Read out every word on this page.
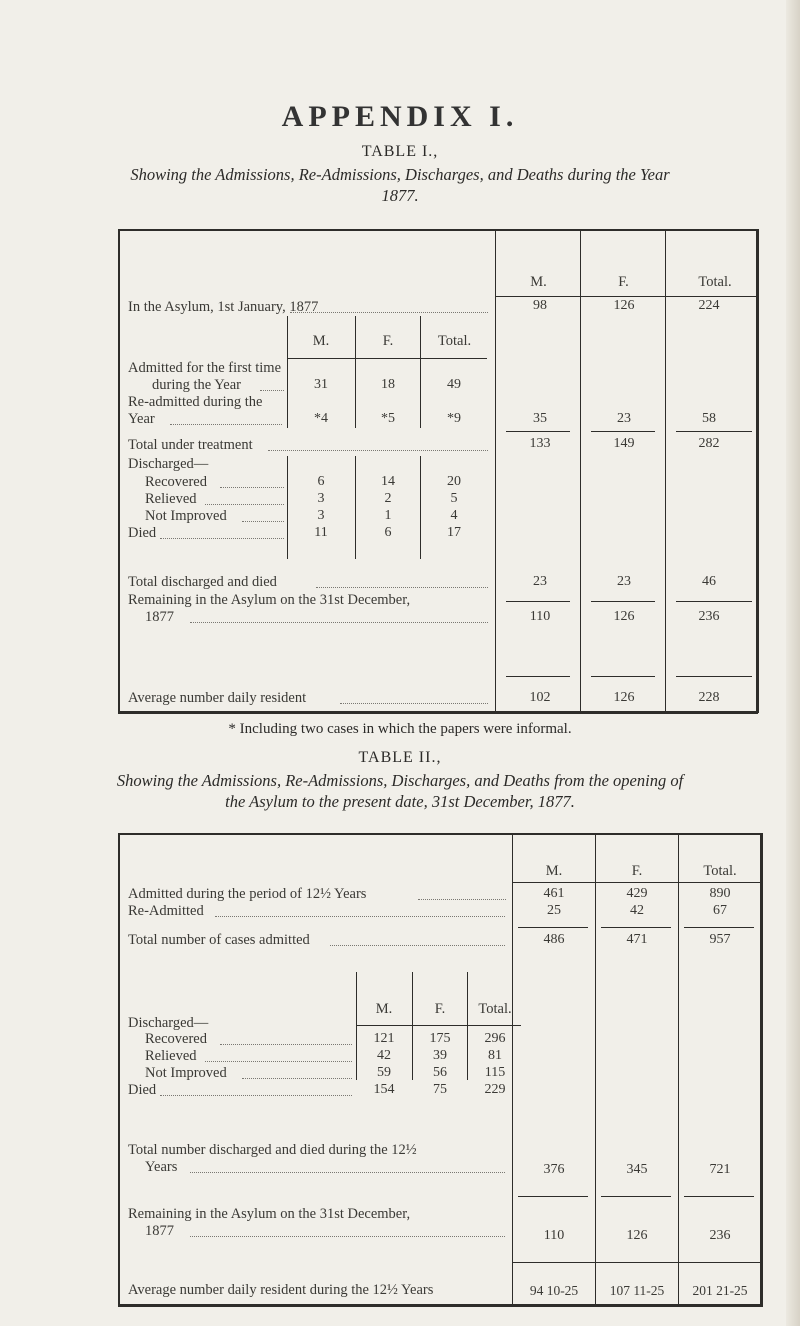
APPENDIX I.
TABLE I.,
Showing the Admissions, Re-Admissions, Discharges, and Deaths during the Year
1877.
M.	F.	Total.
In the Asylum, 1st January, 1877	98	126	224
M.	F.	Total.
Admitted for the first time
during the Year	31	18	49
Re-admitted during the
Year	*4	*5	*9	35	23	58
Total under treatment	133	149	282
Discharged—
Recovered	6	14	20
Relieved	3	2	5
Not Improved	3	1	4
Died	11	6	17
Total discharged and died	23	23	46
Remaining in the Asylum on the 31st December,
1877	110	126	236
Average number daily resident	102	126	228
* Including two cases in which the papers were informal.
TABLE II.,
Showing the Admissions, Re-Admissions, Discharges, and Deaths from the opening of
the Asylum to the present date, 31st December, 1877.
M.	F.	Total.
Admitted during the period of 12½ Years	461	429	890
Re-Admitted	25	42	67
Total number of cases admitted	486	471	957
M.	F.	Total.
Discharged—
Recovered	121	175	296
Relieved	42	39	81
Not Improved	59	56	115
Died	154	75	229
Total number discharged and died during the 12½
Years	376	345	721
Remaining in the Asylum on the 31st December,
1877	110	126	236
Average number daily resident during the 12½ Years	94 10-25	107 11-25	201 21-25
